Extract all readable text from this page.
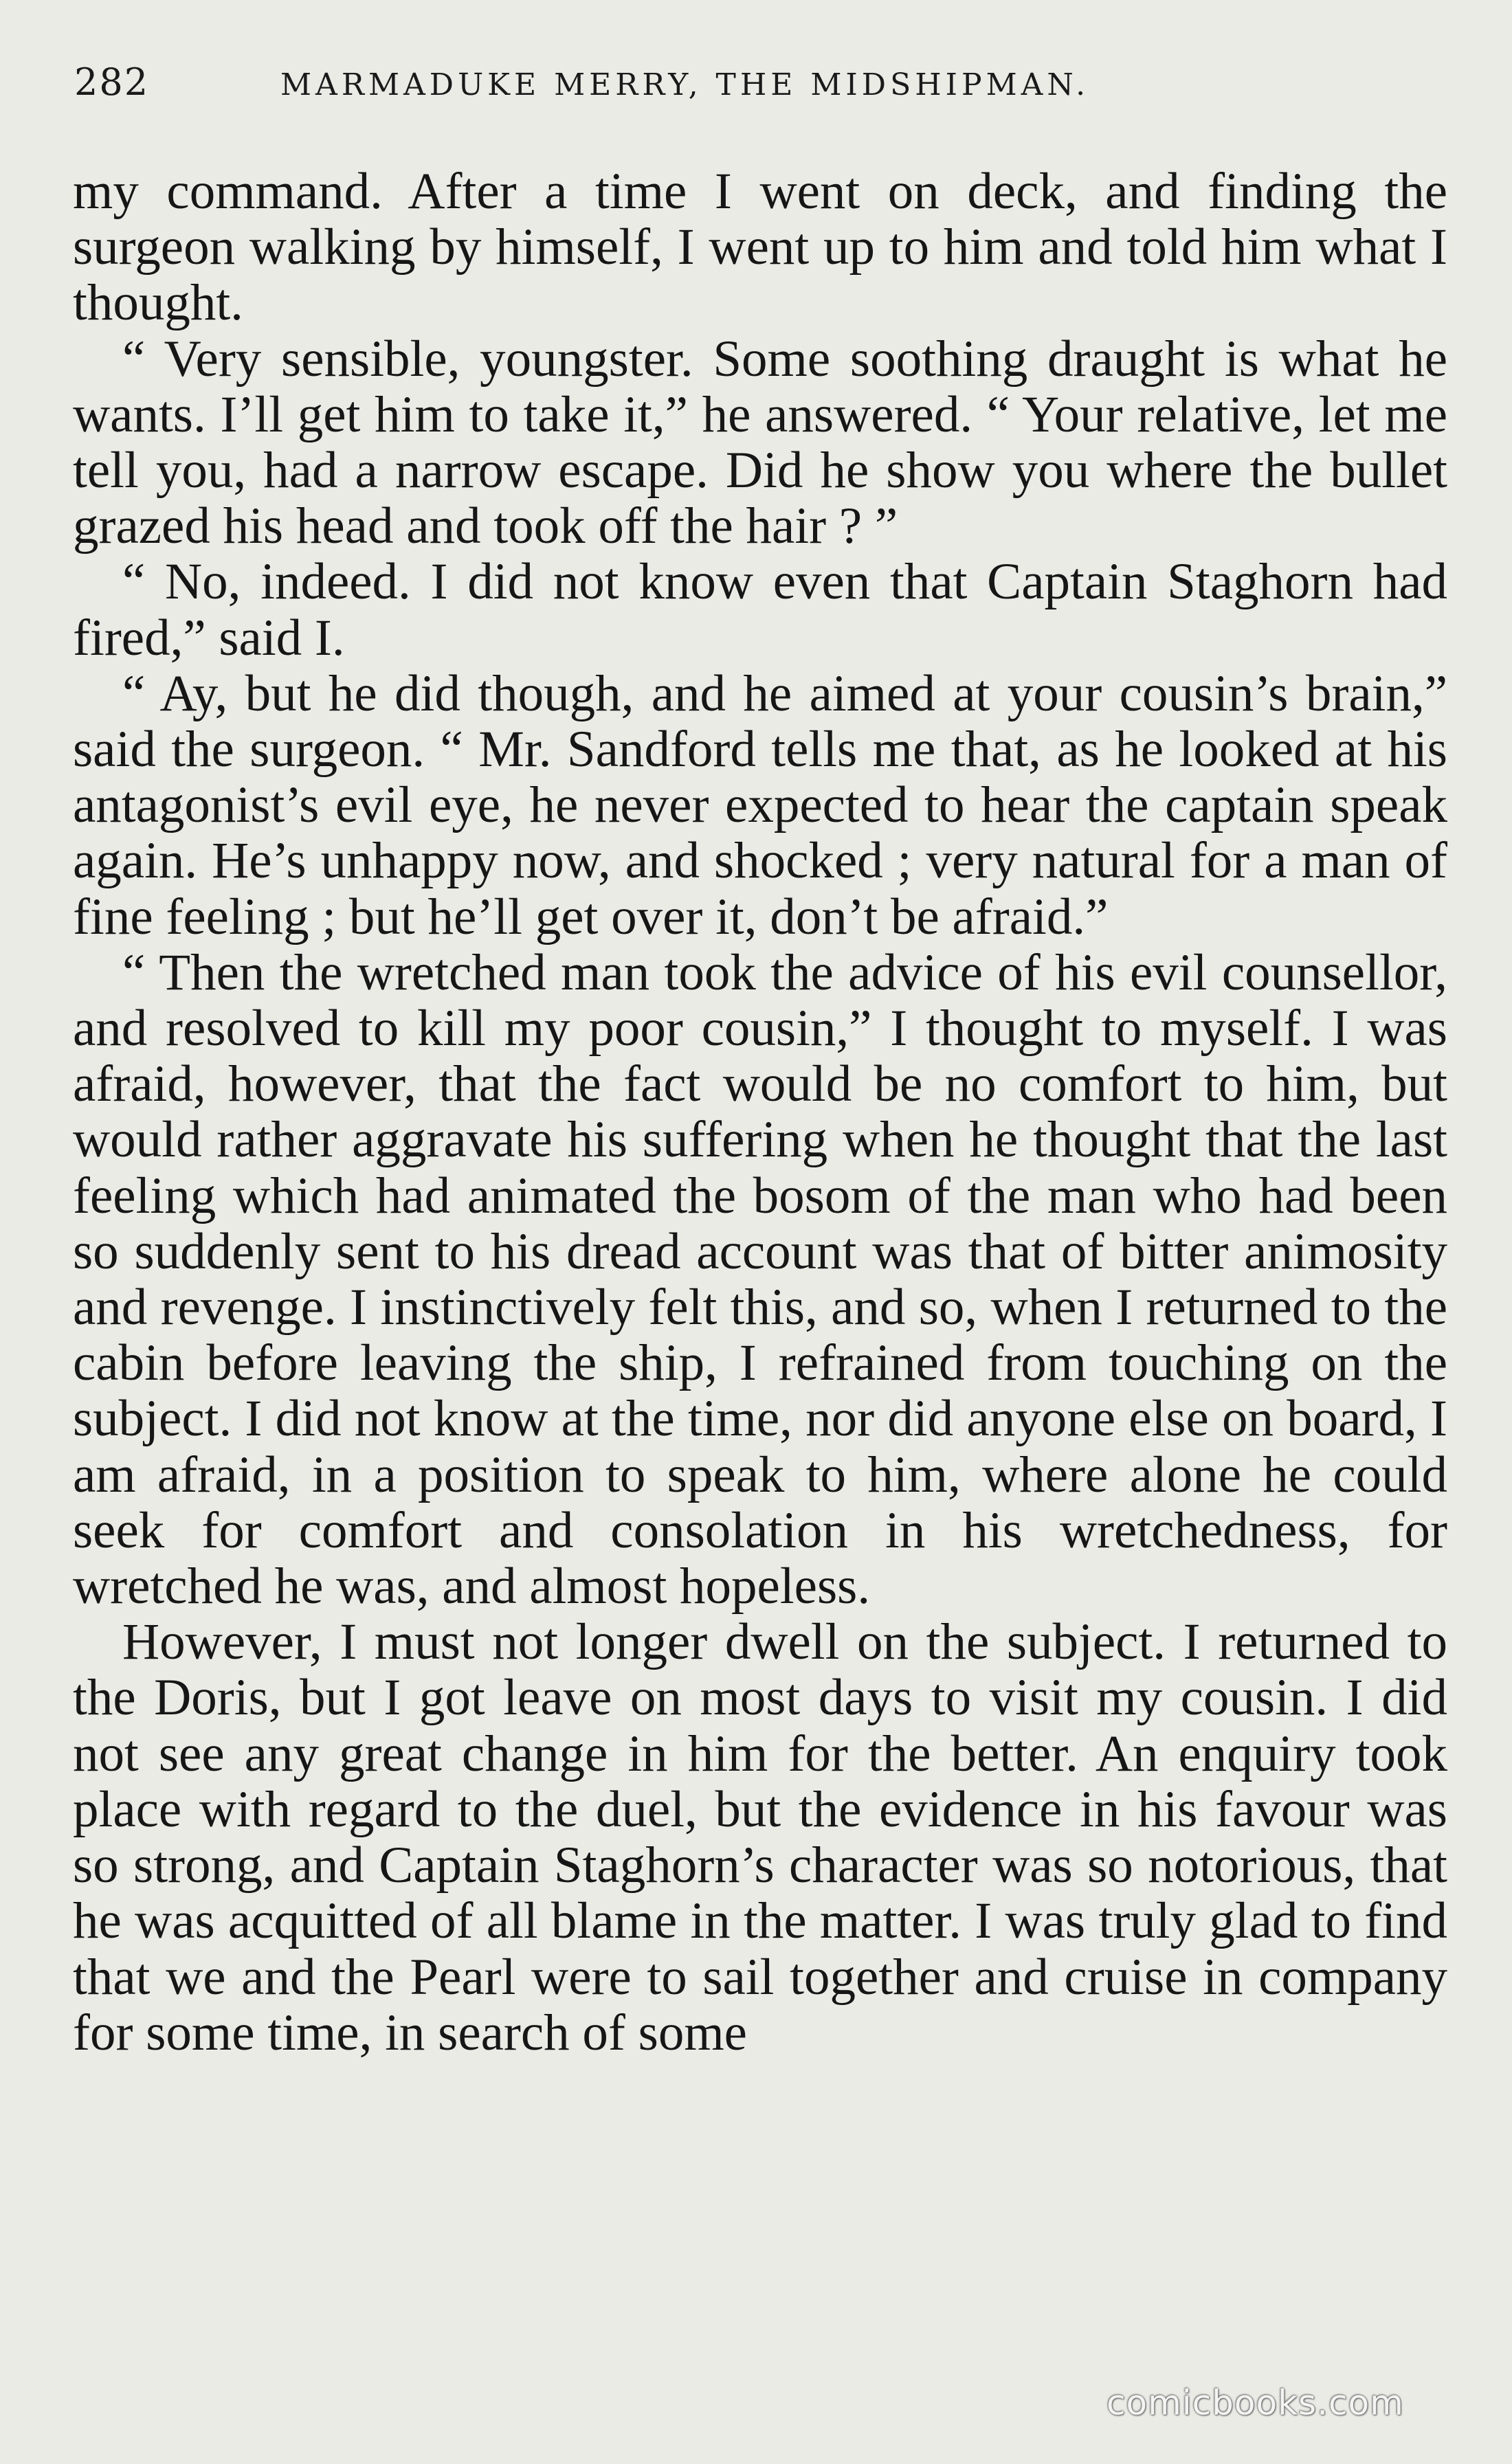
282	MARMADUKE MERRY, THE MIDSHIPMAN.

my command. After a time I went on deck, and finding the surgeon walking by himself, I went up to him and told him what I thought.

“ Very sensible, youngster. Some soothing draught is what he wants. I’ll get him to take it,” he answered. “ Your relative, let me tell you, had a narrow escape. Did he show you where the bullet grazed his head and took off the hair ? ”

“ No, indeed. I did not know even that Captain Staghorn had fired,” said I.

“ Ay, but he did though, and he aimed at your cousin’s brain,” said the surgeon. “ Mr. Sandford tells me that, as he looked at his antagonist’s evil eye, he never expected to hear the captain speak again. He’s unhappy now, and shocked ; very natural for a man of fine feeling ; but he’ll get over it, don’t be afraid.”

“ Then the wretched man took the advice of his evil counsellor, and resolved to kill my poor cousin,” I thought to myself. I was afraid, however, that the fact would be no comfort to him, but would rather aggravate his suffering when he thought that the last feeling which had animated the bosom of the man who had been so suddenly sent to his dread account was that of bitter animosity and revenge. I instinctively felt this, and so, when I returned to the cabin before leaving the ship, I refrained from touching on the subject. I did not know at the time, nor did anyone else on board, I am afraid, in a position to speak to him, where alone he could seek for comfort and consolation in his wretchedness, for wretched he was, and almost hopeless.

However, I must not longer dwell on the subject. I returned to the Doris, but I got leave on most days to visit my cousin. I did not see any great change in him for the better. An enquiry took place with regard to the duel, but the evidence in his favour was so strong, and Captain Staghorn’s character was so notorious, that he was acquitted of all blame in the matter. I was truly glad to find that we and the Pearl were to sail together and cruise in company for some time, in search of some

comicbooks.com
